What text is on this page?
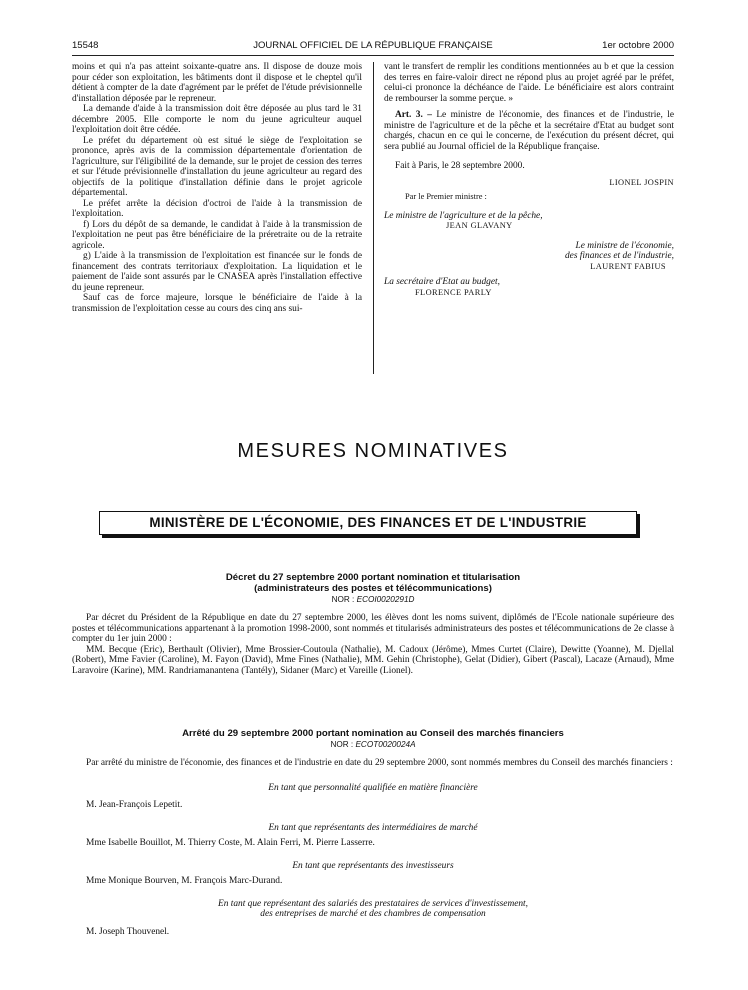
15548	JOURNAL OFFICIEL DE LA RÉPUBLIQUE FRANÇAISE	1er octobre 2000

moins et qui n'a pas atteint soixante-quatre ans. Il dispose de douze mois pour céder son exploitation, les bâtiments dont il dispose et le cheptel qu'il détient à compter de la date d'agrément par le préfet de l'étude prévisionnelle d'installation déposée par le repreneur.

La demande d'aide à la transmission doit être déposée au plus tard le 31 décembre 2005. Elle comporte le nom du jeune agriculteur auquel l'exploitation doit être cédée.

Le préfet du département où est situé le siège de l'exploitation se prononce, après avis de la commission départementale d'orientation de l'agriculture, sur l'éligibilité de la demande, sur le projet de cession des terres et sur l'étude prévisionnelle d'installation du jeune agriculteur au regard des objectifs de la politique d'installation définie dans le projet agricole départemental.

Le préfet arrête la décision d'octroi de l'aide à la transmission de l'exploitation.

f) Lors du dépôt de sa demande, le candidat à l'aide à la transmission de l'exploitation ne peut pas être bénéficiaire de la préretraite ou de la retraite agricole.

g) L'aide à la transmission de l'exploitation est financée sur le fonds de financement des contrats territoriaux d'exploitation. La liquidation et le paiement de l'aide sont assurés par le CNASEA après l'installation effective du jeune repreneur.

Sauf cas de force majeure, lorsque le bénéficiaire de l'aide à la transmission de l'exploitation cesse au cours des cinq ans sui-

vant le transfert de remplir les conditions mentionnées au b et que la cession des terres en faire-valoir direct ne répond plus au projet agréé par le préfet, celui-ci prononce la déchéance de l'aide. Le bénéficiaire est alors contraint de rembourser la somme perçue. »

Art. 3. – Le ministre de l'économie, des finances et de l'industrie, le ministre de l'agriculture et de la pêche et la secrétaire d'Etat au budget sont chargés, chacun en ce qui le concerne, de l'exécution du présent décret, qui sera publié au Journal officiel de la République française.

Fait à Paris, le 28 septembre 2000.

LIONEL JOSPIN
Par le Premier ministre :
Le ministre de l'agriculture et de la pêche,
JEAN GLAVANY
Le ministre de l'économie,
des finances et de l'industrie,
LAURENT FABIUS
La secrétaire d'Etat au budget,
FLORENCE PARLY
MESURES NOMINATIVES
MINISTÈRE DE L'ÉCONOMIE, DES FINANCES ET DE L'INDUSTRIE
Décret du 27 septembre 2000 portant nomination et titularisation
(administrateurs des postes et télécommunications)
NOR : ECOI0020291D

Par décret du Président de la République en date du 27 septembre 2000, les élèves dont les noms suivent, diplômés de l'Ecole nationale supérieure des postes et télécommunications appartenant à la promotion 1998-2000, sont nommés et titularisés administrateurs des postes et télécommunications de 2e classe à compter du 1er juin 2000 :

MM. Becque (Eric), Berthault (Olivier), Mme Brossier-Coutoula (Nathalie), M. Cadoux (Jérôme), Mmes Curtet (Claire), Dewitte (Yoanne), M. Djellal (Robert), Mme Favier (Caroline), M. Fayon (David), Mme Fines (Nathalie), MM. Gehin (Christophe), Gelat (Didier), Gibert (Pascal), Lacaze (Arnaud), Mme Laravoire (Karine), MM. Randriamanantena (Tantély), Sidaner (Marc) et Vareille (Lionel).

Arrêté du 29 septembre 2000 portant nomination au Conseil des marchés financiers
NOR : ECOT0020024A

Par arrêté du ministre de l'économie, des finances et de l'industrie en date du 29 septembre 2000, sont nommés membres du Conseil des marchés financiers :

En tant que personnalité qualifiée en matière financière
M. Jean-François Lepetit.
En tant que représentants des intermédiaires de marché
Mme Isabelle Bouillot, M. Thierry Coste, M. Alain Ferri, M. Pierre Lasserre.
En tant que représentants des investisseurs
Mme Monique Bourven, M. François Marc-Durand.
En tant que représentant des salariés des prestataires de services d'investissement,
des entreprises de marché et des chambres de compensation
M. Joseph Thouvenel.
